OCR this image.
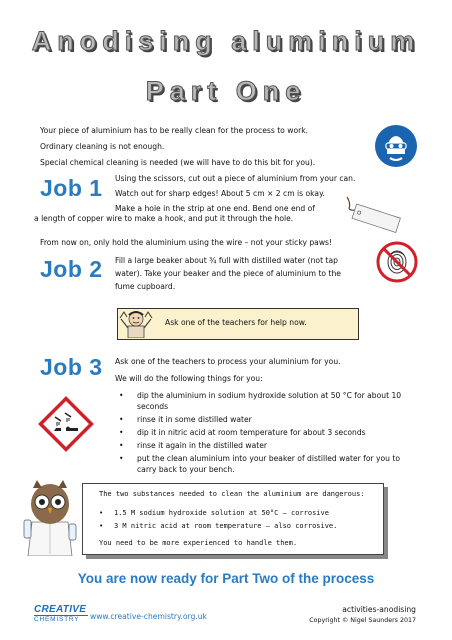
Anodising aluminium
Part One
Your piece of aluminium has to be really clean for the process to work.
Ordinary cleaning is not enough.
Special chemical cleaning is needed (we will have to do this bit for you).
Job 1 Using the scissors, cut out a piece of aluminium from your can.
Watch out for sharp edges! About 5 cm × 2 cm is okay.
Make a hole in the strip at one end. Bend one end of
a length of copper wire to make a hook, and put it through the hole.
From now on, only hold the aluminium using the wire – not your sticky paws!
Job 2 Fill a large beaker about ¾ full with distilled water (not tap
water). Take your beaker and the piece of aluminium to the
fume cupboard.
Ask one of the teachers for help now.
Job 3 Ask one of the teachers to process your aluminium for you.
We will do the following things for you:
• dip the aluminium in sodium hydroxide solution at 50 °C for about 10 seconds
• rinse it in some distilled water
• dip it in nitric acid at room temperature for about 3 seconds
• rinse it again in the distilled water
• put the clean aluminium into your beaker of distilled water for you to carry back to your bench.
The two substances needed to clean the aluminium are dangerous:
• 1.5 M sodium hydroxide solution at 50°C – corrosive
• 3 M nitric acid at room temperature – also corrosive.
You need to be more experienced to handle them.
You are now ready for Part Two of the process
CREATIVE
CHEMISTRY	www.creative-chemistry.org.uk
activities-anodising
Copyright © Nigel Saunders 2017
